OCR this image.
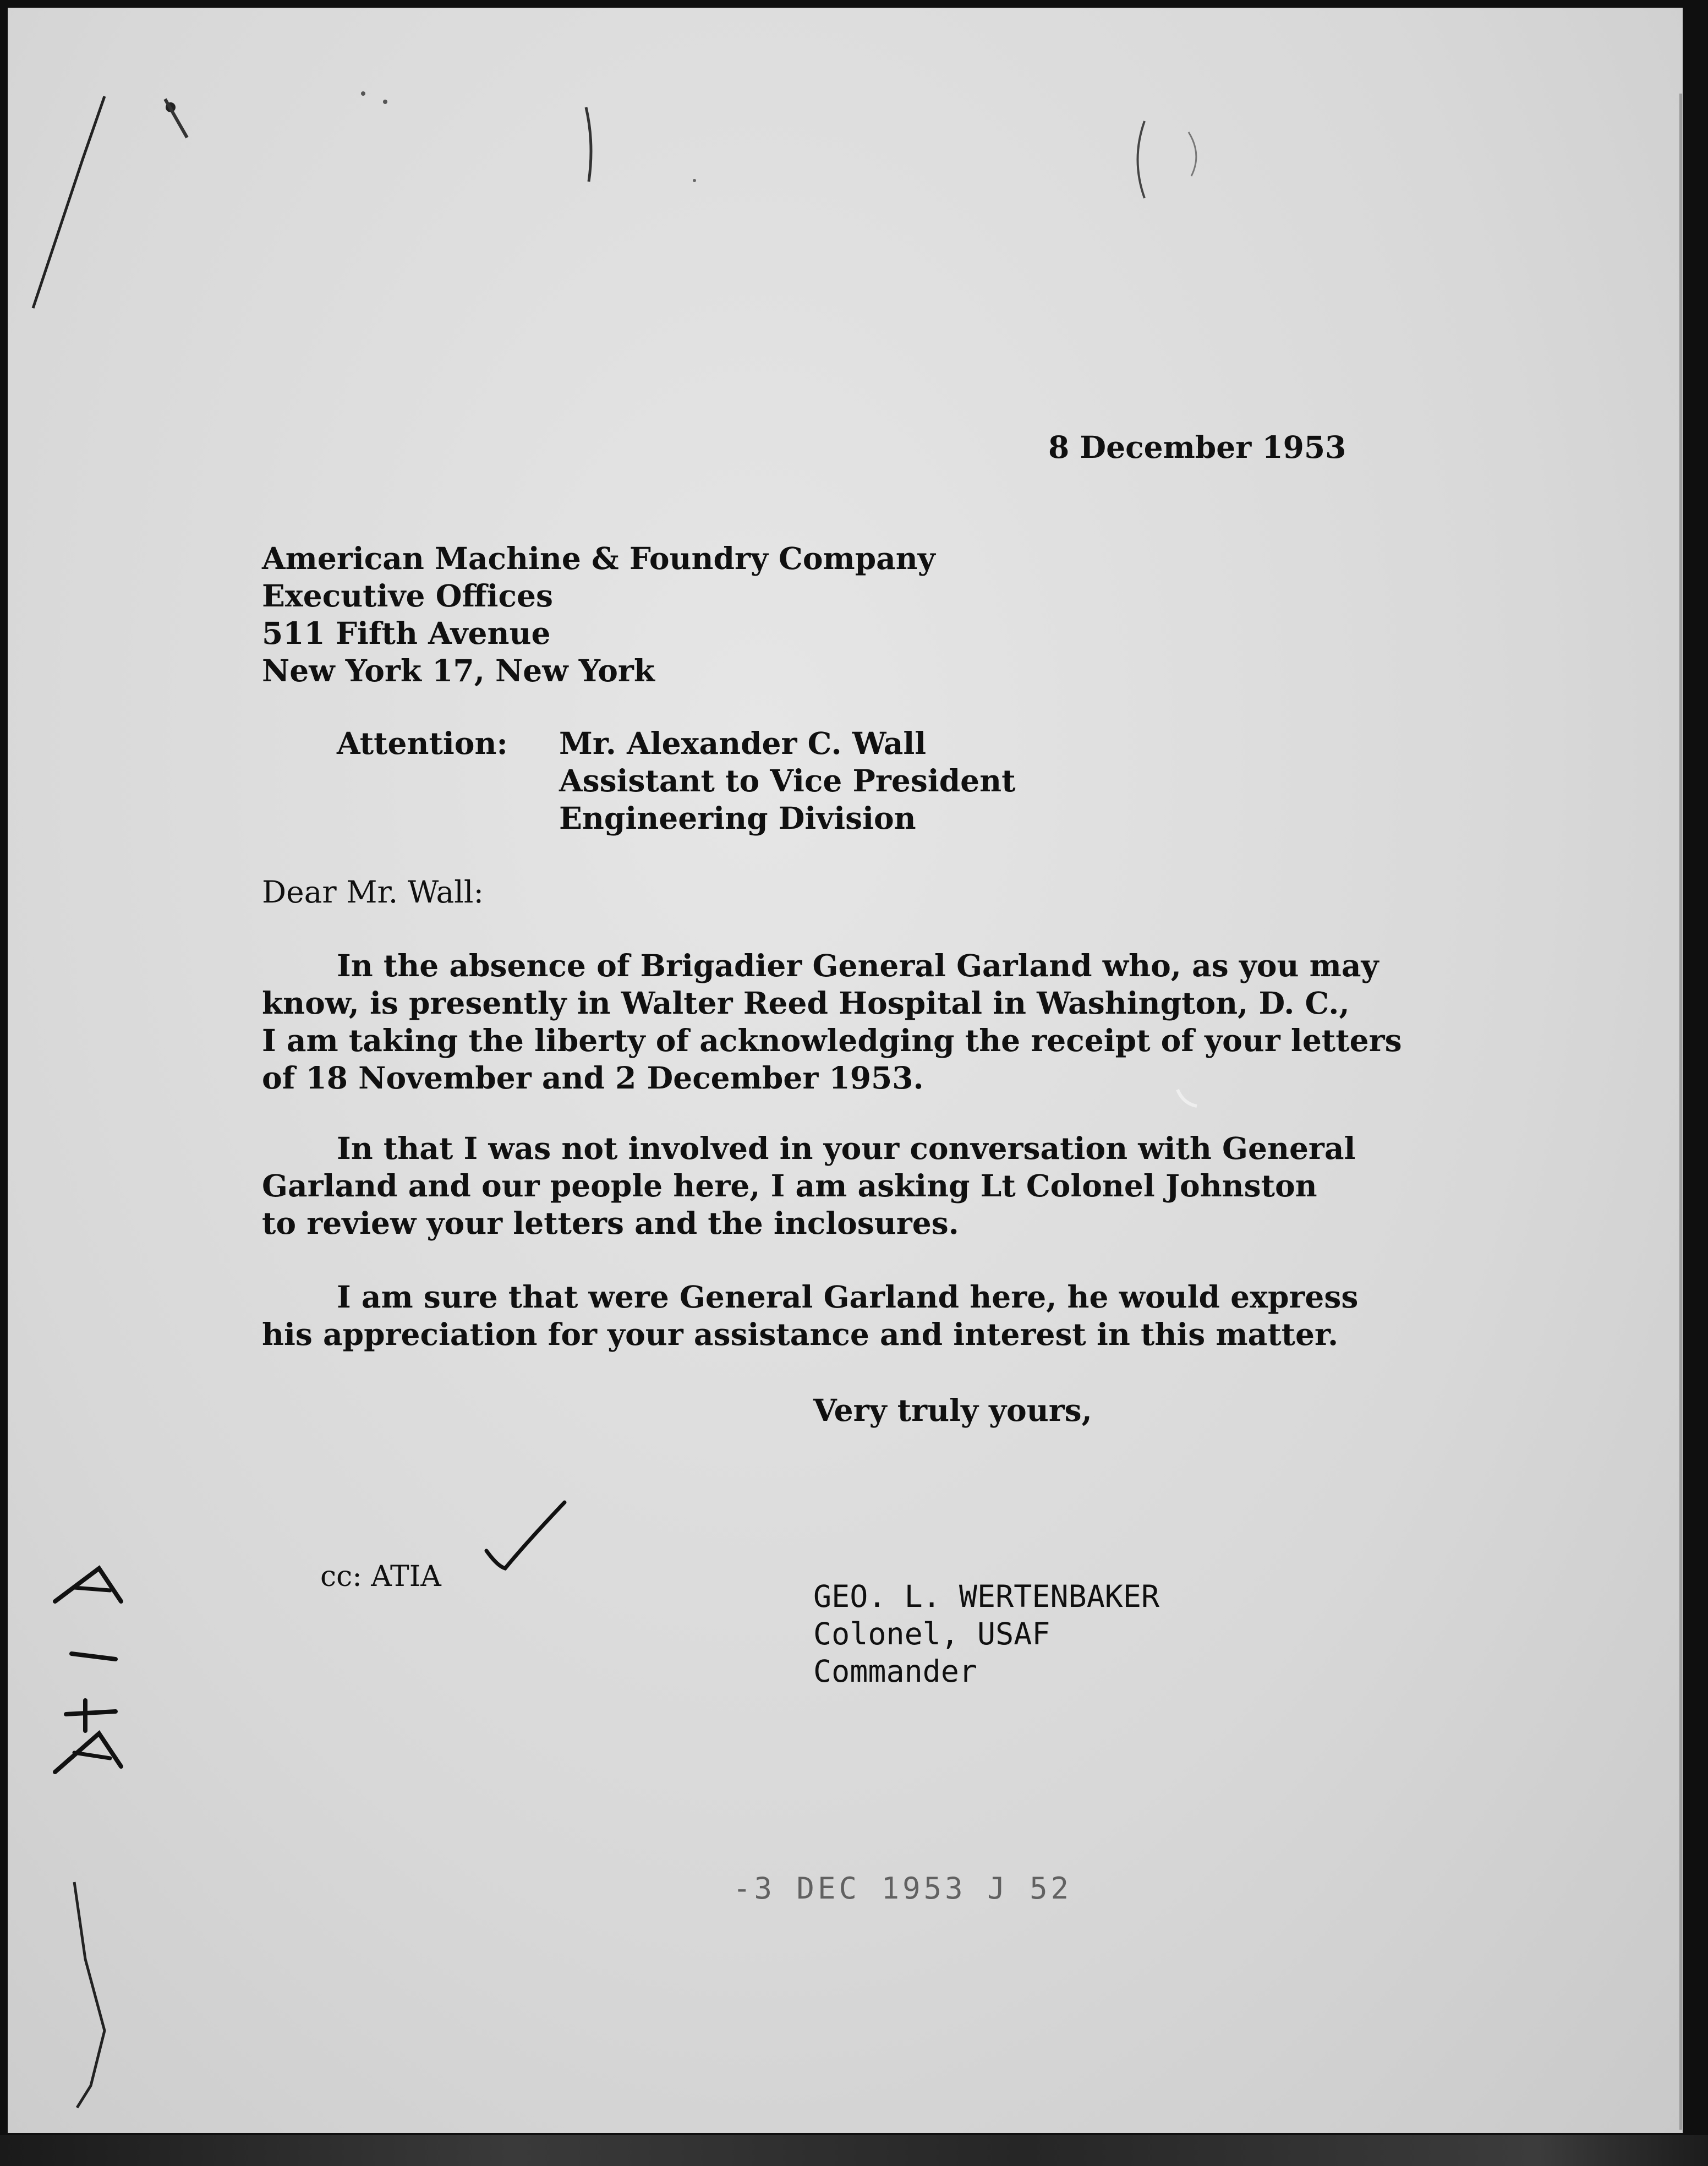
8 December 1953
American Machine & Foundry Company
Executive Offices
511 Fifth Avenue
New York 17, New York
Attention: Mr. Alexander C. Wall
Assistant to Vice President
Engineering Division
Dear Mr. Wall:
In the absence of Brigadier General Garland who, as you may
know, is presently in Walter Reed Hospital in Washington, D. C.,
I am taking the liberty of acknowledging the receipt of your letters
of 18 November and 2 December 1953.
In that I was not involved in your conversation with General
Garland and our people here, I am asking Lt Colonel Johnston
to review your letters and the inclosures.
I am sure that were General Garland here, he would express
his appreciation for your assistance and interest in this matter.
Very truly yours,
cc: ATIA
GEO. L. WERTENBAKER
Colonel, USAF
Commander
-3 DEC 1953 J 52
